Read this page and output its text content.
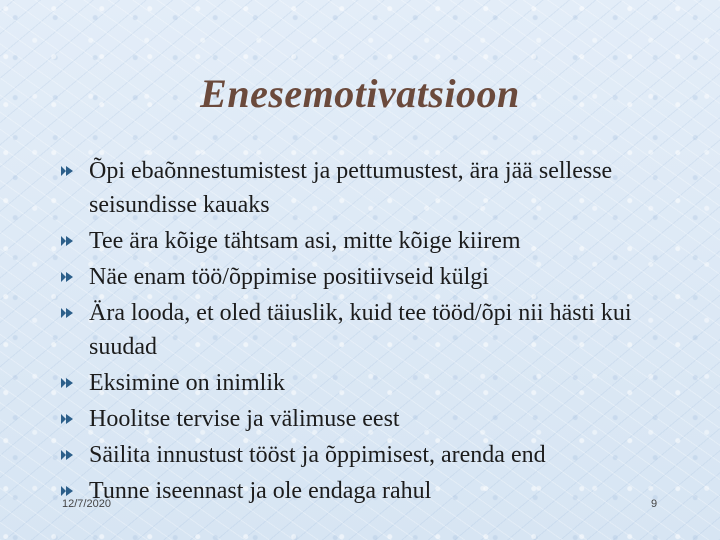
Enesemotivatsioon
Õpi ebaõnnestumistest ja pettumustest, ära jää sellesse seisundisse kauaks
Tee ära kõige tähtsam asi, mitte kõige kiirem
Näe enam töö/õppimise positiivseid külgi
Ära looda, et oled täiuslik, kuid tee tööd/õpi nii hästi kui suudad
Eksimine on inimlik
Hoolitse tervise ja välimuse eest
Säilita innustust tööst ja õppimisest, arenda end
Tunne iseennast ja ole endaga rahul
12/7/2020	9
